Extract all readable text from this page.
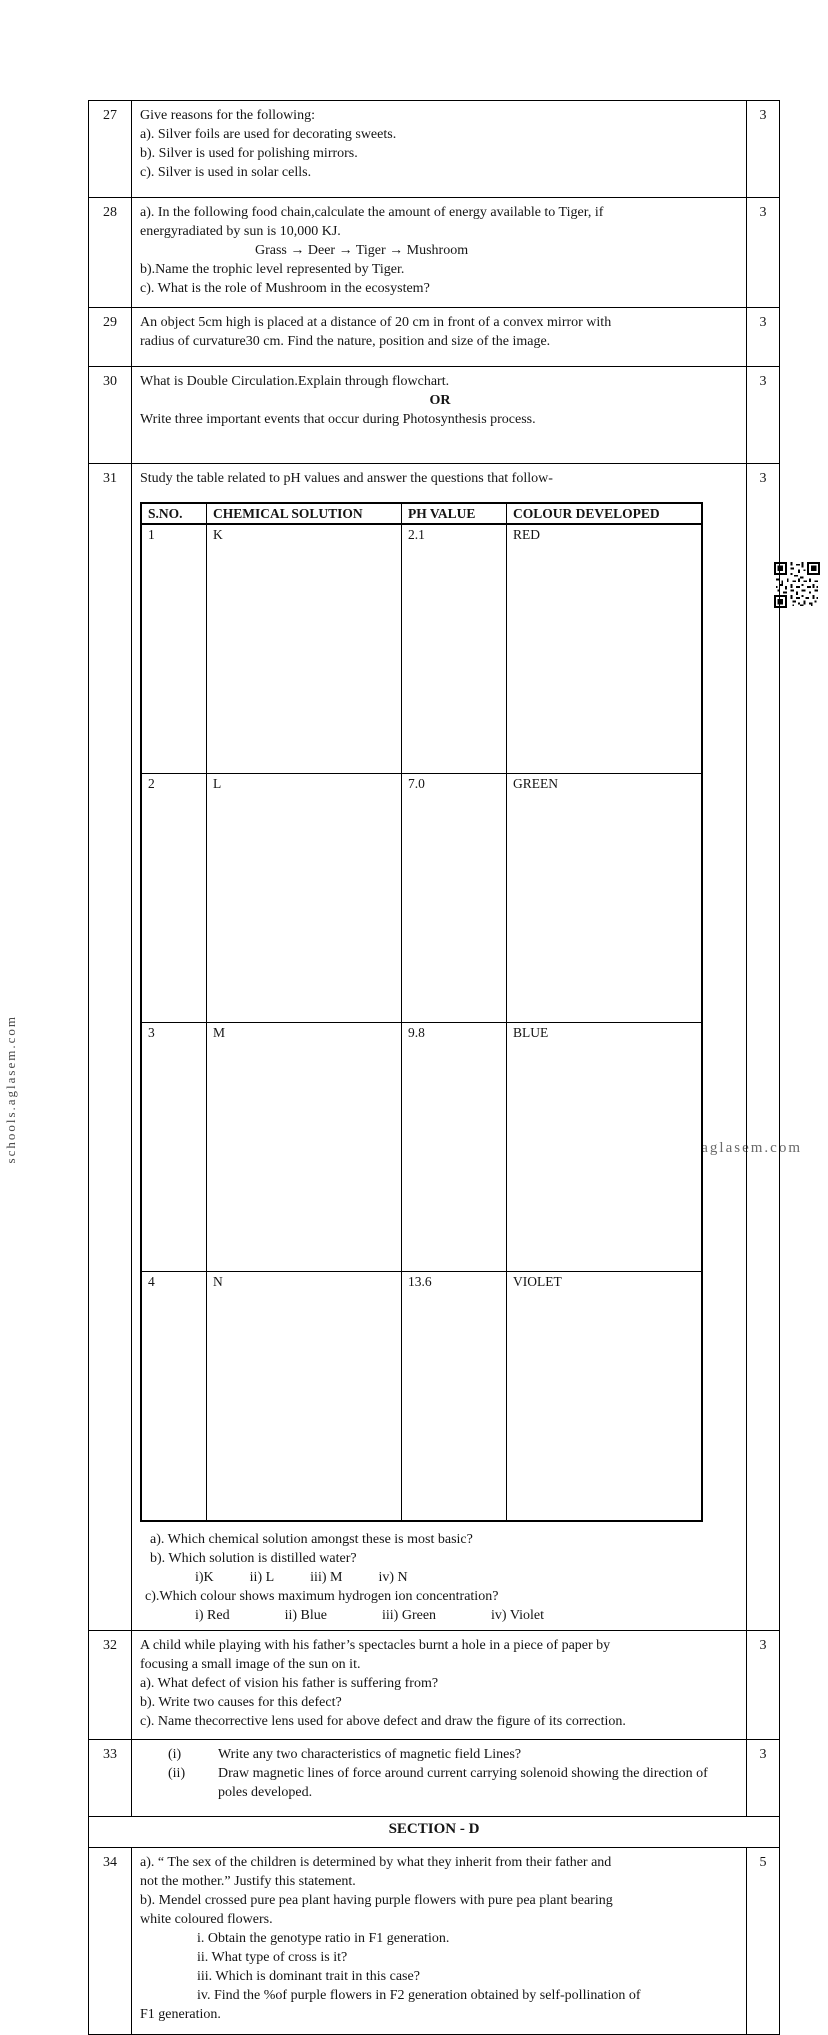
schools.aglasem.com	aglasem.com
27	Give reasons for the following:
a). Silver foils are used for decorating sweets.
b). Silver is used for polishing mirrors.
c). Silver is used in solar cells.
	3
28	a). In the following food chain,calculate the amount of energy available to Tiger, if
energyradiated by sun is 10,000 KJ.
Grass → Deer → Tiger → Mushroom
b).Name the trophic level represented by Tiger.
c). What is the role of Mushroom in the ecosystem?
	3
29	An object 5cm high is placed at a distance of 20 cm in front of a convex mirror with
radius of curvature30 cm. Find the nature, position and size of the image.
	3
30	What is Double Circulation.Explain through flowchart.
OR
Write three important events that occur during Photosynthesis process.
	3
31	Study the table related to pH values and answer the questions that follow-
S.NO.	CHEMICAL SOLUTION	PH VALUE	COLOUR DEVELOPED
1	K	2.1	RED
2	L	7.0	GREEN
3	M	9.8	BLUE
4	N	13.6	VIOLET
a). Which chemical solution amongst these is most basic?
b). Which solution is distilled water?
i)K	ii) L	iii) M	iv) N
c).Which colour shows maximum hydrogen ion concentration?
i) Red	ii) Blue	iii) Green	iv) Violet
	3
32	A child while playing with his father’s spectacles burnt a hole in a piece of paper by
focusing a small image of the sun on it.
a). What defect of vision his father is suffering from?
b). Write two causes for this defect?
c). Name thecorrective lens used for above defect and draw the figure of its correction.
	3
33	(i)	Write any two characteristics of magnetic field Lines?
(ii)	Draw magnetic lines of force around current carrying solenoid showing the direction of poles developed.
	3
SECTION - D
34	a). “ The sex of the children is determined by what they inherit from their father and
not the mother.” Justify this statement.
b). Mendel crossed pure pea plant having purple flowers with pure pea plant bearing
white coloured flowers.
i. Obtain the genotype ratio in F1 generation.
ii. What type of cross is it?
iii. Which is dominant trait in this case?
iv. Find the %of purple flowers in F2 generation obtained by self-pollination of
F1 generation.
	5
